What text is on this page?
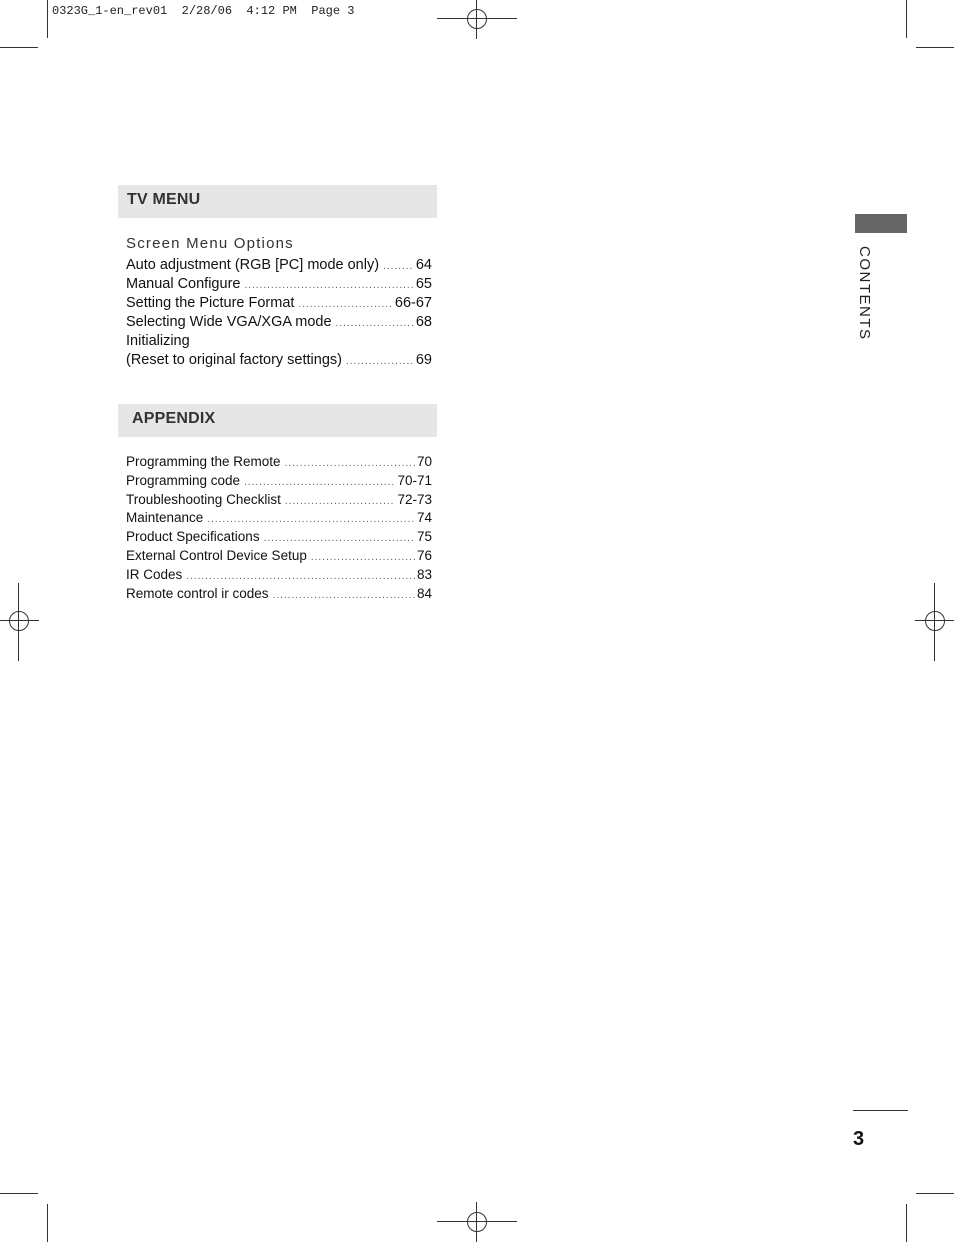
0323G_1-en_rev01  2/28/06  4:12 PM  Page 3
TV MENU
Screen Menu Options
Auto adjustment (RGB [PC] mode only) .....	64
Manual Configure .....	65
Setting the Picture Format .....	66-67
Selecting Wide VGA/XGA mode .....	68
Initializing
(Reset to original factory settings) .....	69
APPENDIX
Programming the Remote .....	70
Programming code .....	70-71
Troubleshooting Checklist .....	72-73
Maintenance .....	74
Product Specifications .....	75
External Control Device Setup .....	76
IR Codes .....	83
Remote control ir codes .....	84
CONTENTS
3
